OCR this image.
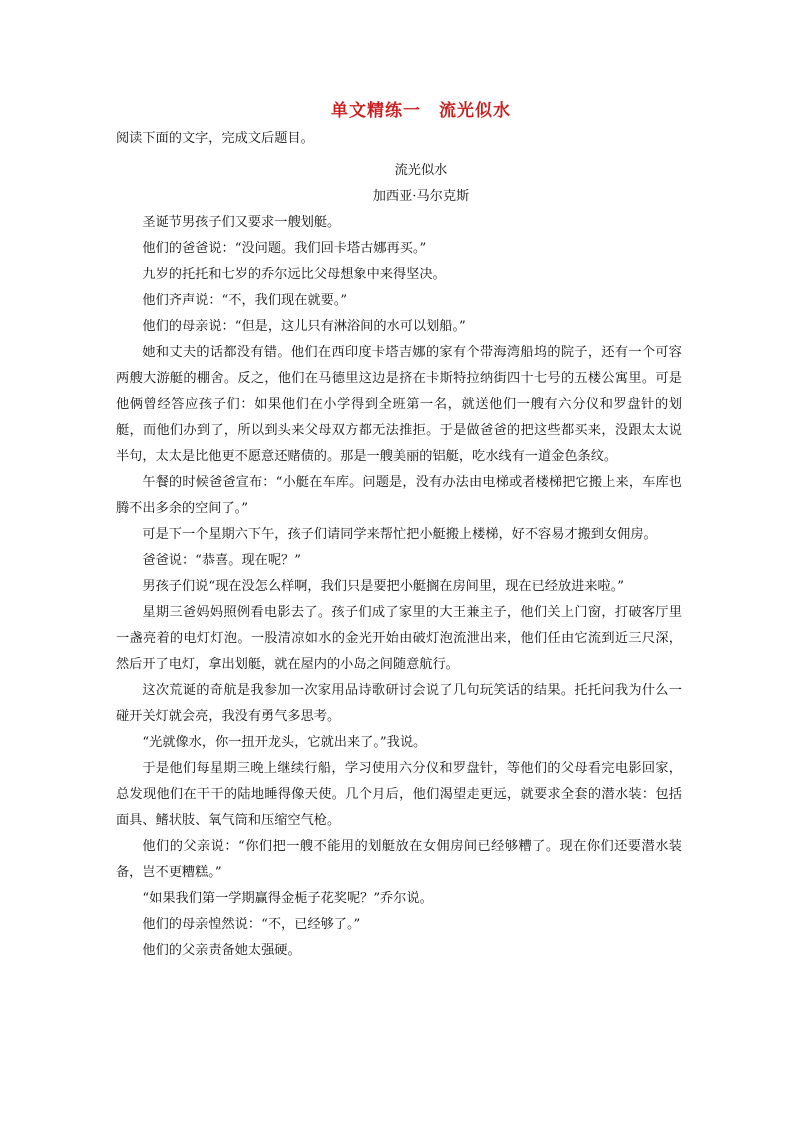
单文精练一　流光似水

阅读下面的文字，完成文后题目。

流光似水

加西亚·马尔克斯

圣诞节男孩子们又要求一艘划艇。

他们的爸爸说：“没问题。我们回卡塔古娜再买。”

九岁的托托和七岁的乔尔远比父母想象中来得坚决。

他们齐声说：“不，我们现在就要。”

他们的母亲说：“但是，这儿只有淋浴间的水可以划船。”

她和丈夫的话都没有错。他们在西印度卡塔吉娜的家有个带海湾船坞的院子，还有一个可容两艘大游艇的棚舍。反之，他们在马德里这边是挤在卡斯特拉纳街四十七号的五楼公寓里。可是他俩曾经答应孩子们：如果他们在小学得到全班第一名，就送他们一艘有六分仪和罗盘针的划艇，而他们办到了，所以到头来父母双方都无法推拒。于是做爸爸的把这些都买来，没跟太太说半句，太太是比他更不愿意还赌债的。那是一艘美丽的铝艇，吃水线有一道金色条纹。

午餐的时候爸爸宣布：“小艇在车库。问题是，没有办法由电梯或者楼梯把它搬上来，车库也腾不出多余的空间了。”

可是下一个星期六下午，孩子们请同学来帮忙把小艇搬上楼梯，好不容易才搬到女佣房。

爸爸说：“恭喜。现在呢？”

男孩子们说“现在没怎么样啊，我们只是要把小艇搁在房间里，现在已经放进来啦。”

星期三爸妈妈照例看电影去了。孩子们成了家里的大王兼主子，他们关上门窗，打破客厅里一盏亮着的电灯灯泡。一股清凉如水的金光开始由破灯泡流泄出来，他们任由它流到近三尺深，然后开了电灯，拿出划艇，就在屋内的小岛之间随意航行。

这次荒诞的奇航是我参加一次家用品诗歌研讨会说了几句玩笑话的结果。托托问我为什么一碰开关灯就会亮，我没有勇气多思考。

“光就像水，你一扭开龙头，它就出来了。”我说。

于是他们每星期三晚上继续行船，学习使用六分仪和罗盘针，等他们的父母看完电影回家，总发现他们在干干的陆地睡得像天使。几个月后，他们渴望走更远，就要求全套的潜水装：包括面具、鳍状肢、氧气筒和压缩空气枪。

他们的父亲说：“你们把一艘不能用的划艇放在女佣房间已经够糟了。现在你们还要潜水装备，岂不更糟糕。”

“如果我们第一学期赢得金栀子花奖呢？”乔尔说。

他们的母亲惶然说：“不，已经够了。”

他们的父亲责备她太强硬。
